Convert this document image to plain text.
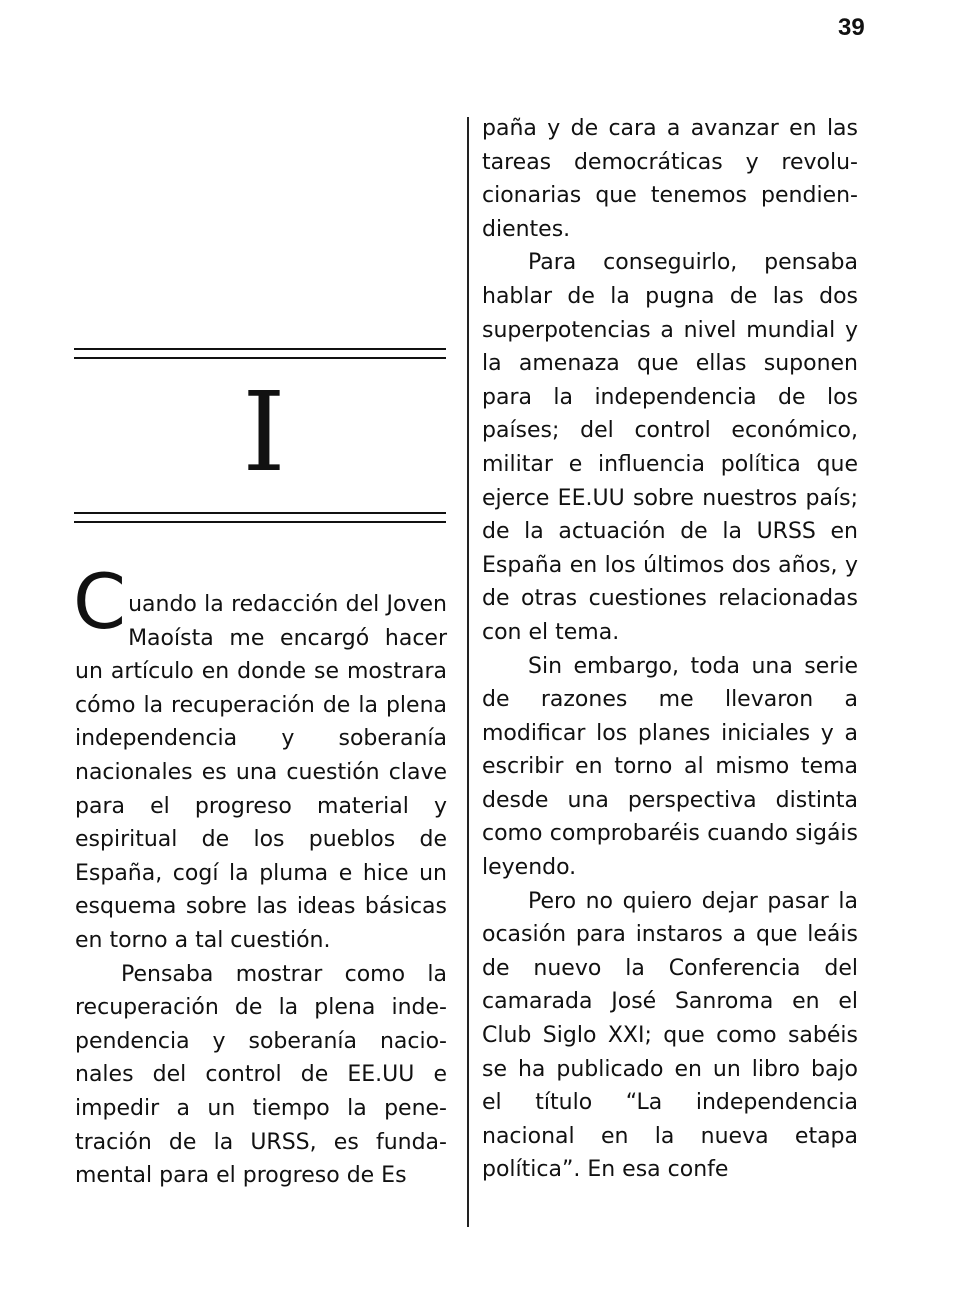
39
I

Cuando la redacción del Joven Maoísta me encargó hacer un artículo en donde se mostrara cómo la recuperación de la plena independencia y soberanía nacionales es una cuestión clave para el progreso material y espiritual de los pueblos de España, cogí la pluma e hice un esquema sobre las ideas básicas en torno a tal cuestión.

Pensaba mostrar como la recuperación de la plena independencia y soberanía nacionales del control de EE.UU e impedir a un tiempo la penetración de la URSS, es fundamental para el progreso de Es

paña y de cara a avanzar en las tareas democráticas y revolucionarias que tenemos pendiendientes.

Para conseguirlo, pensaba hablar de la pugna de las dos superpotencias a nivel mundial y la amenaza que ellas suponen para la independencia de los países; del control económico, militar e influencia política que ejerce EE.UU sobre nuestros país; de la actuación de la URSS en España en los últimos dos años, y de otras cuestiones relacionadas con el tema.

Sin embargo, toda una serie de razones me llevaron a modificar los planes iniciales y a escribir en torno al mismo tema desde una perspectiva distinta como comprobaréis cuando sigáis leyendo.

Pero no quiero dejar pasar la ocasión para instaros a que leáis de nuevo la Conferencia del camarada José Sanroma en el Club Siglo XXI; que como sabéis se ha publicado en un libro bajo el título “La independencia nacional en la nueva etapa política”. En esa confe
